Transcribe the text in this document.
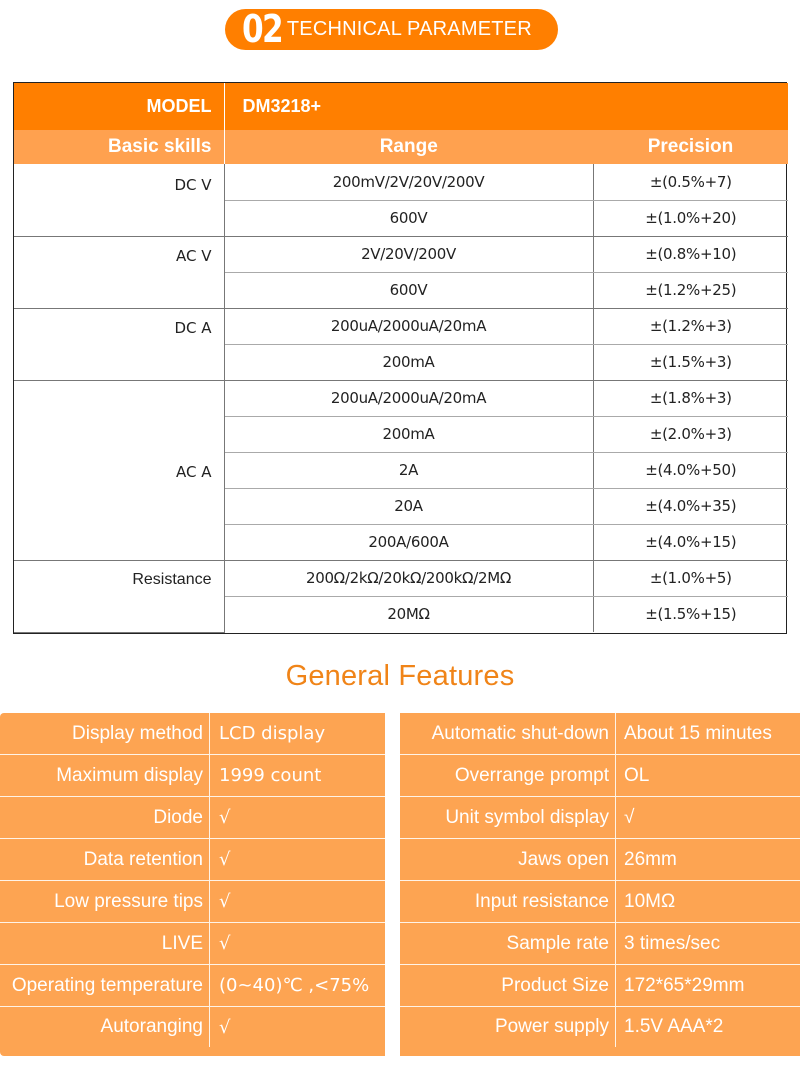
02 TECHNICAL PARAMETER
MODEL	DM3218+	
Basic skills	Range	Precision
DC V	200mV/2V/20V/200V	±(0.5%+7)
	600V	±(1.0%+20)
AC V	2V/20V/200V	±(0.8%+10)
	600V	±(1.2%+25)
DC A	200uA/2000uA/20mA	±(1.2%+3)
	200mA	±(1.5%+3)
AC A	200uA/2000uA/20mA	±(1.8%+3)
	200mA	±(2.0%+3)
	2A	±(4.0%+50)
	20A	±(4.0%+35)
	200A/600A	±(4.0%+15)
Resistance	200Ω/2kΩ/20kΩ/200kΩ/2MΩ	±(1.0%+5)
	20MΩ	±(1.5%+15)
General Features
Display method LCD display
Maximum display 1999 count
Diode √
Data retention √
Low pressure tips √
LIVE √
Operating temperature (0~40)℃ ,<75%
Autoranging √
Automatic shut-down About 15 minutes
Overrange prompt OL
Unit symbol display √
Jaws open 26mm
Input resistance 10MΩ
Sample rate 3 times/sec
Product Size 172*65*29mm
Power supply 1.5V AAA*2
